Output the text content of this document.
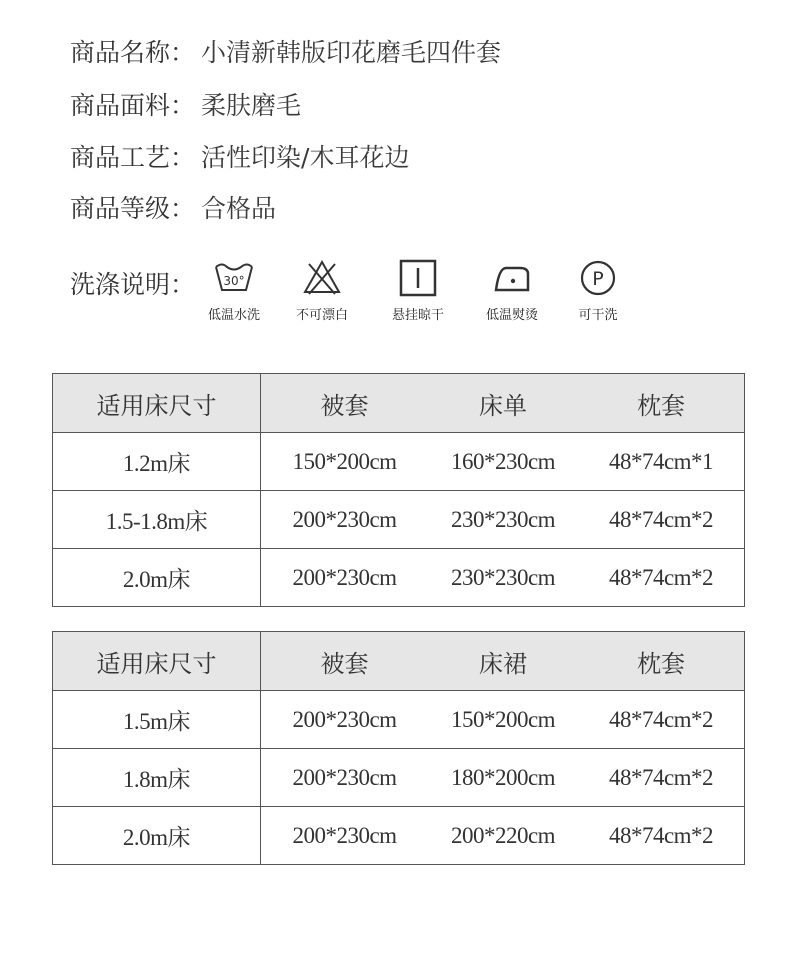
商品名称： 小清新韩版印花磨毛四件套
商品面料： 柔肤磨毛
商品工艺： 活性印染/木耳花边
商品等级： 合格品
洗涤说明： 30°
低温水洗	不可漂白	悬挂晾干	低温熨烫
P
可干洗
适用床尺寸	被套	床单	枕套
1.2m床	150*200cm	160*230cm	48*74cm*1
1.5-1.8m床	200*230cm	230*230cm	48*74cm*2
2.0m床	200*230cm	230*230cm	48*74cm*2
适用床尺寸	被套	床裙	枕套
1.5m床	200*230cm	150*200cm	48*74cm*2
1.8m床	200*230cm	180*200cm	48*74cm*2
2.0m床	200*230cm	200*220cm	48*74cm*2
